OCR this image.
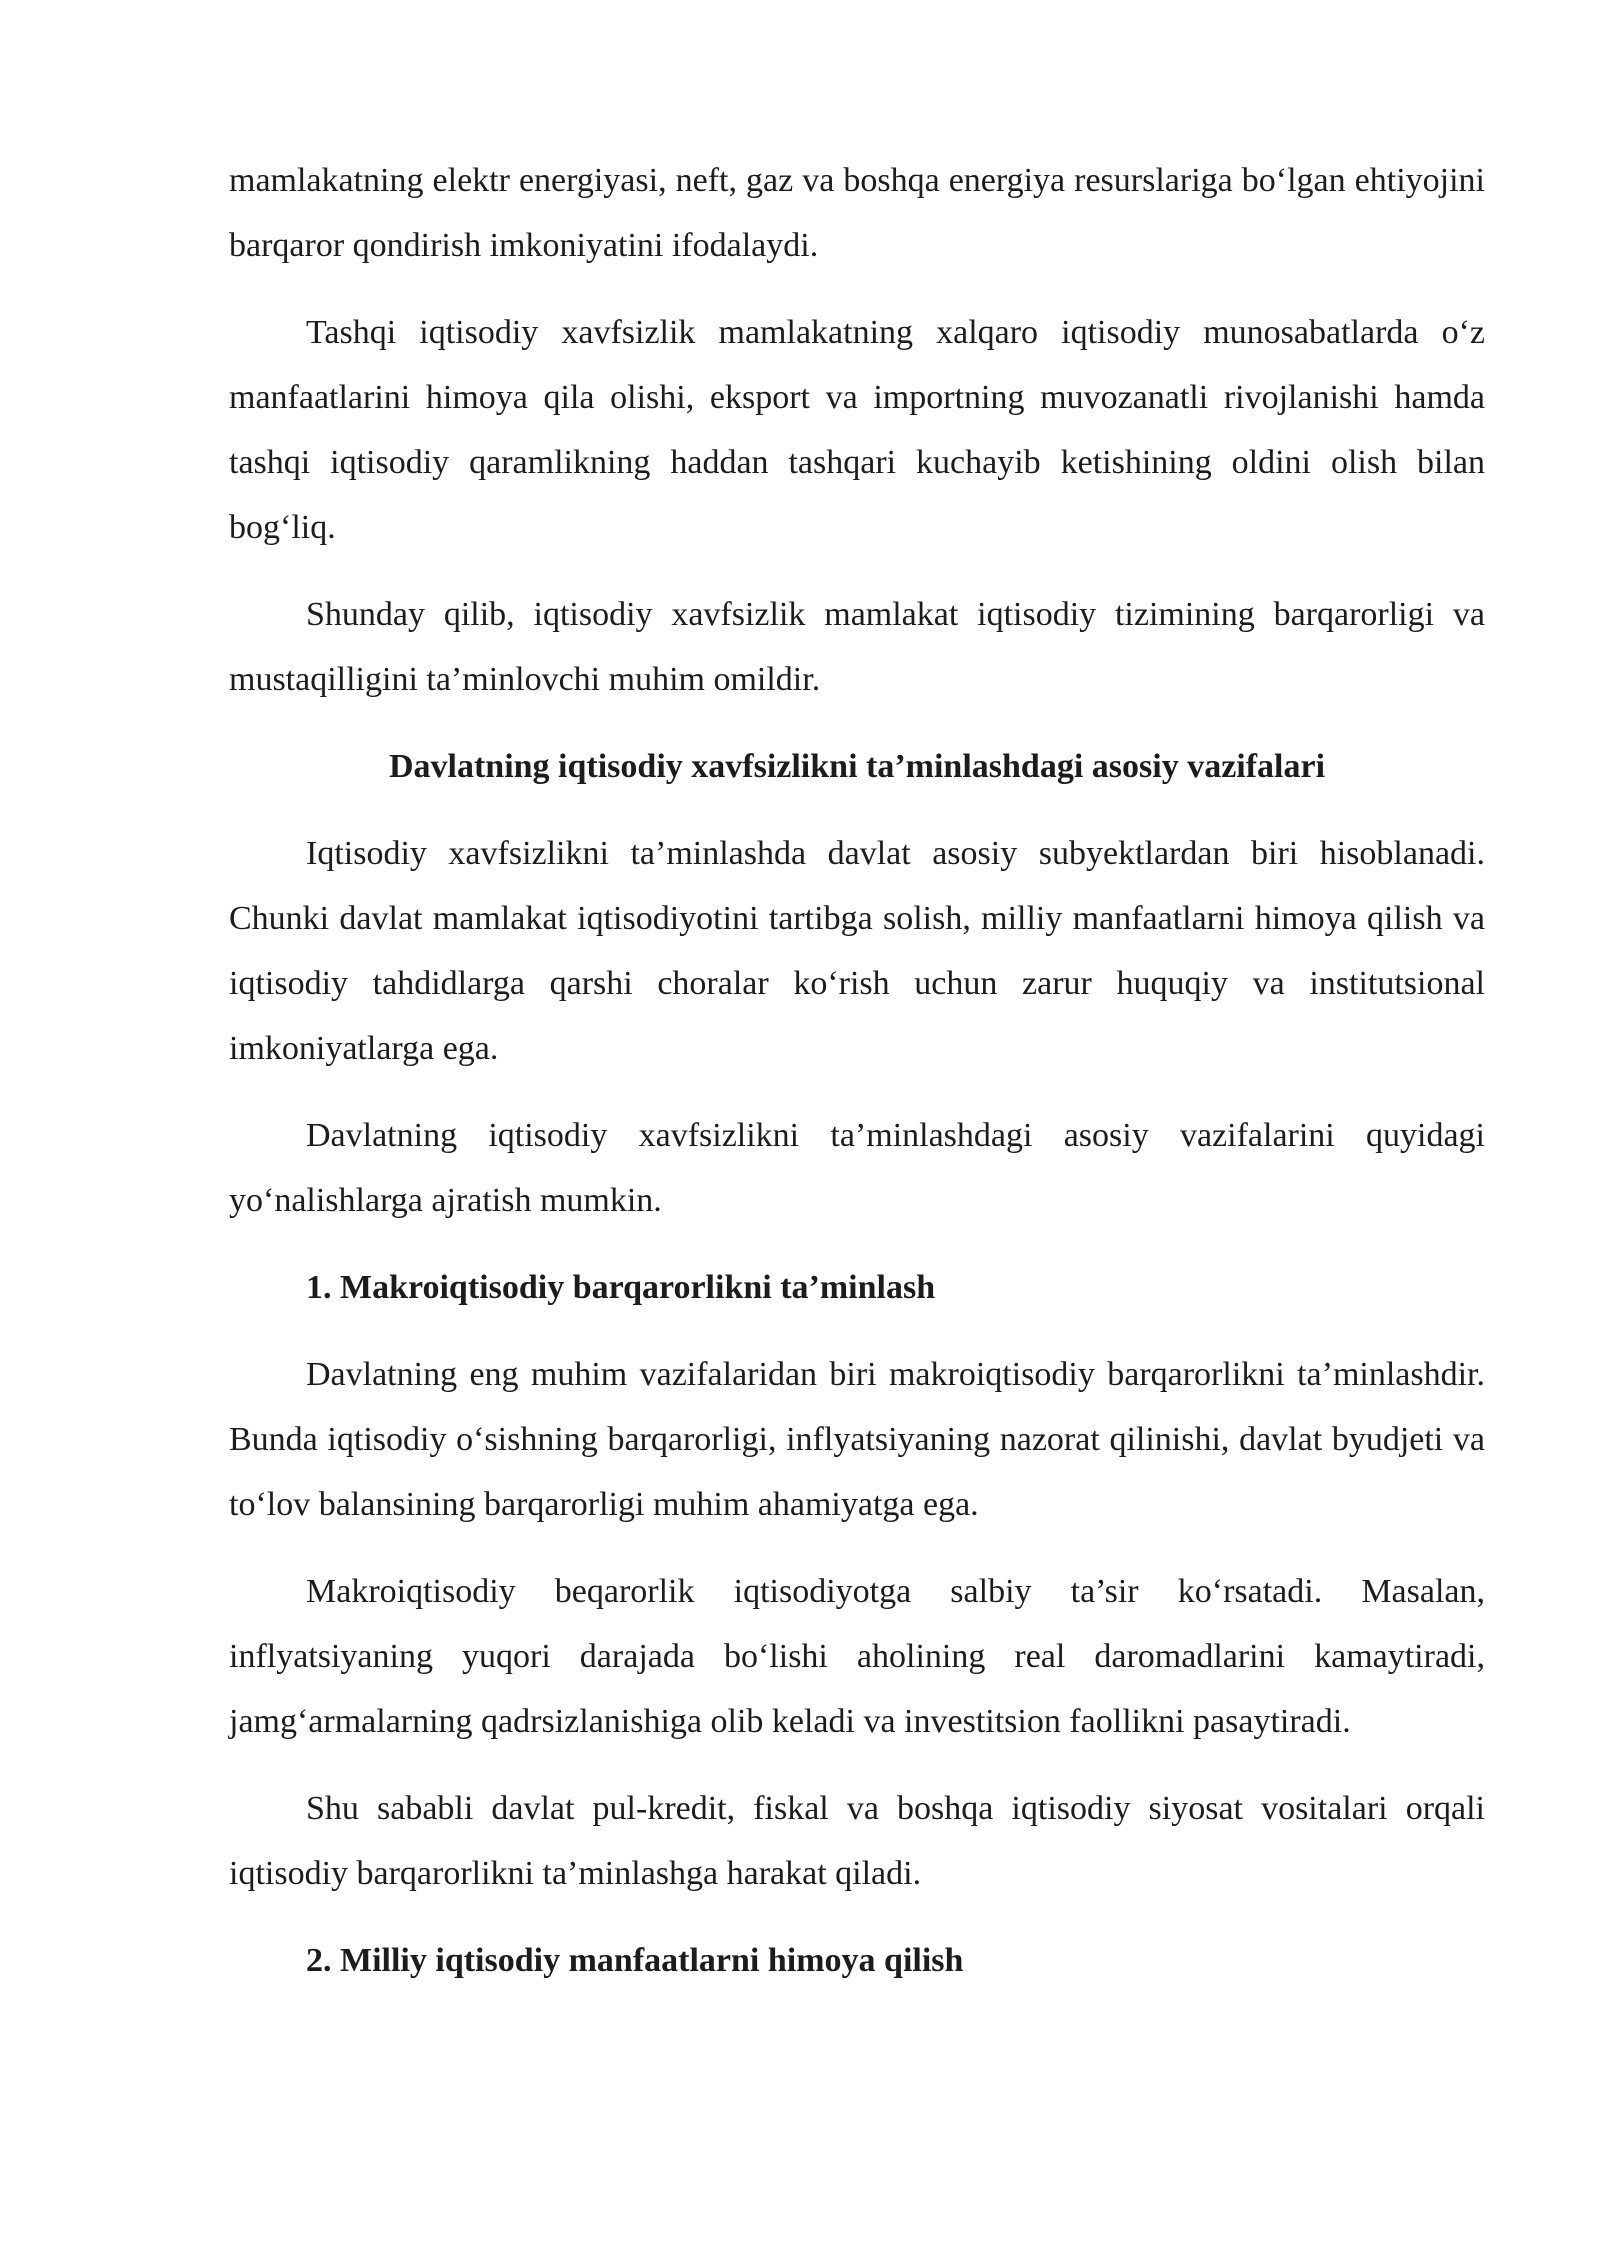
mamlakatning elektr energiyasi, neft, gaz va boshqa energiya resurslariga bo‘lgan ehtiyojini barqaror qondirish imkoniyatini ifodalaydi.

Tashqi iqtisodiy xavfsizlik mamlakatning xalqaro iqtisodiy munosabatlarda o‘z manfaatlarini himoya qila olishi, eksport va importning muvozanatli rivojlanishi hamda tashqi iqtisodiy qaramlikning haddan tashqari kuchayib ketishining oldini olish bilan bog‘liq.

Shunday qilib, iqtisodiy xavfsizlik mamlakat iqtisodiy tizimining barqarorligi va mustaqilligini ta’minlovchi muhim omildir.

Davlatning iqtisodiy xavfsizlikni ta’minlashdagi asosiy vazifalari

Iqtisodiy xavfsizlikni ta’minlashda davlat asosiy subyektlardan biri hisoblanadi. Chunki davlat mamlakat iqtisodiyotini tartibga solish, milliy manfaatlarni himoya qilish va iqtisodiy tahdidlarga qarshi choralar ko‘rish uchun zarur huquqiy va institutsional imkoniyatlarga ega.

Davlatning iqtisodiy xavfsizlikni ta’minlashdagi asosiy vazifalarini quyidagi yo‘nalishlarga ajratish mumkin.

1. Makroiqtisodiy barqarorlikni ta’minlash

Davlatning eng muhim vazifalaridan biri makroiqtisodiy barqarorlikni ta’minlashdir. Bunda iqtisodiy o‘sishning barqarorligi, inflyatsiyaning nazorat qilinishi, davlat byudjeti va to‘lov balansining barqarorligi muhim ahamiyatga ega.

Makroiqtisodiy beqarorlik iqtisodiyotga salbiy ta’sir ko‘rsatadi. Masalan, inflyatsiyaning yuqori darajada bo‘lishi aholining real daromadlarini kamaytiradi, jamg‘armalarning qadrsizlanishiga olib keladi va investitsion faollikni pasaytiradi.

Shu sababli davlat pul-kredit, fiskal va boshqa iqtisodiy siyosat vositalari orqali iqtisodiy barqarorlikni ta’minlashga harakat qiladi.

2. Milliy iqtisodiy manfaatlarni himoya qilish
